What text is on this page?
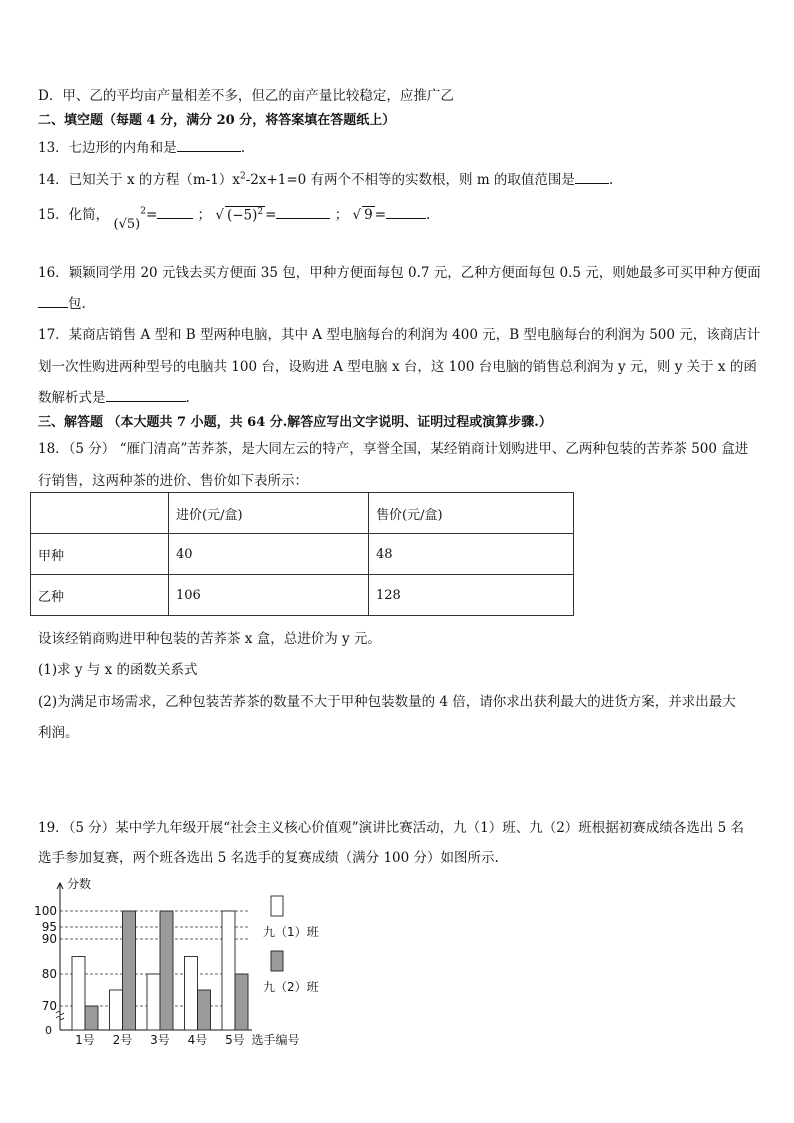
D．甲、乙的平均亩产量相差不多，但乙的亩产量比较稳定，应推广乙
二、填空题（每题 4 分，满分 20 分，将答案填在答题纸上）
13．七边形的内角和是	.
14．已知关于 x 的方程$(m-1)x^2-2x+1=0$ 有两个不相等的实数根，则 m 的取值范围是	.
15．化简， $(√5)^2=$	； √ $(-5)^2$ =	； √ 9 =	.
16．颖颖同学用 20 元钱去买方便面 35 包，甲种方便面每包 0.7 元，乙种方便面每包 0.5 元，则她最多可买甲种方便面
包.
17．某商店销售 A 型和 B 型两种电脑，其中 A 型电脑每台的利润为 400 元，B 型电脑每台的利润为 500 元，该商店计
划一次性购进两种型号的电脑共 100 台，设购进 A 型电脑 x 台，这 100 台电脑的销售总利润为 y 元，则 y 关于 x 的函
数解析式是	.
三、解答题 （本大题共 7 小题，共 64 分.解答应写出文字说明、证明过程或演算步骤.）
18．（5 分） “雁门清高”苦荞茶，是大同左云的特产，享誉全国，某经销商计划购进甲、乙两种包装的苦荞茶 500 盒进
行销售，这两种茶的进价、售价如下表所示：
	进价(元/盒)	售价(元/盒)
甲种	40	48
乙种	106	128
设该经销商购进甲种包装的苦荞茶 x 盒，总进价为 y 元。
(1)求 y 与 x 的函数关系式
(2)为满足市场需求，乙种包装苦荞茶的数量不大于甲种包装数量的 4 倍，请你求出获利最大的进货方案，并求出最大
利润。
19．（5 分）某中学九年级开展“社会主义核心价值观”演讲比赛活动，九（1）班、九（2）班根据初赛成绩各选出 5 名
选手参加复赛，两个班各选出 5 名选手的复赛成绩（满分 100 分）如图所示.
100
95
90
80
70
0
分数
1号 2号 3号 4号 5号 选手编号
九（1）班
九（2）班
